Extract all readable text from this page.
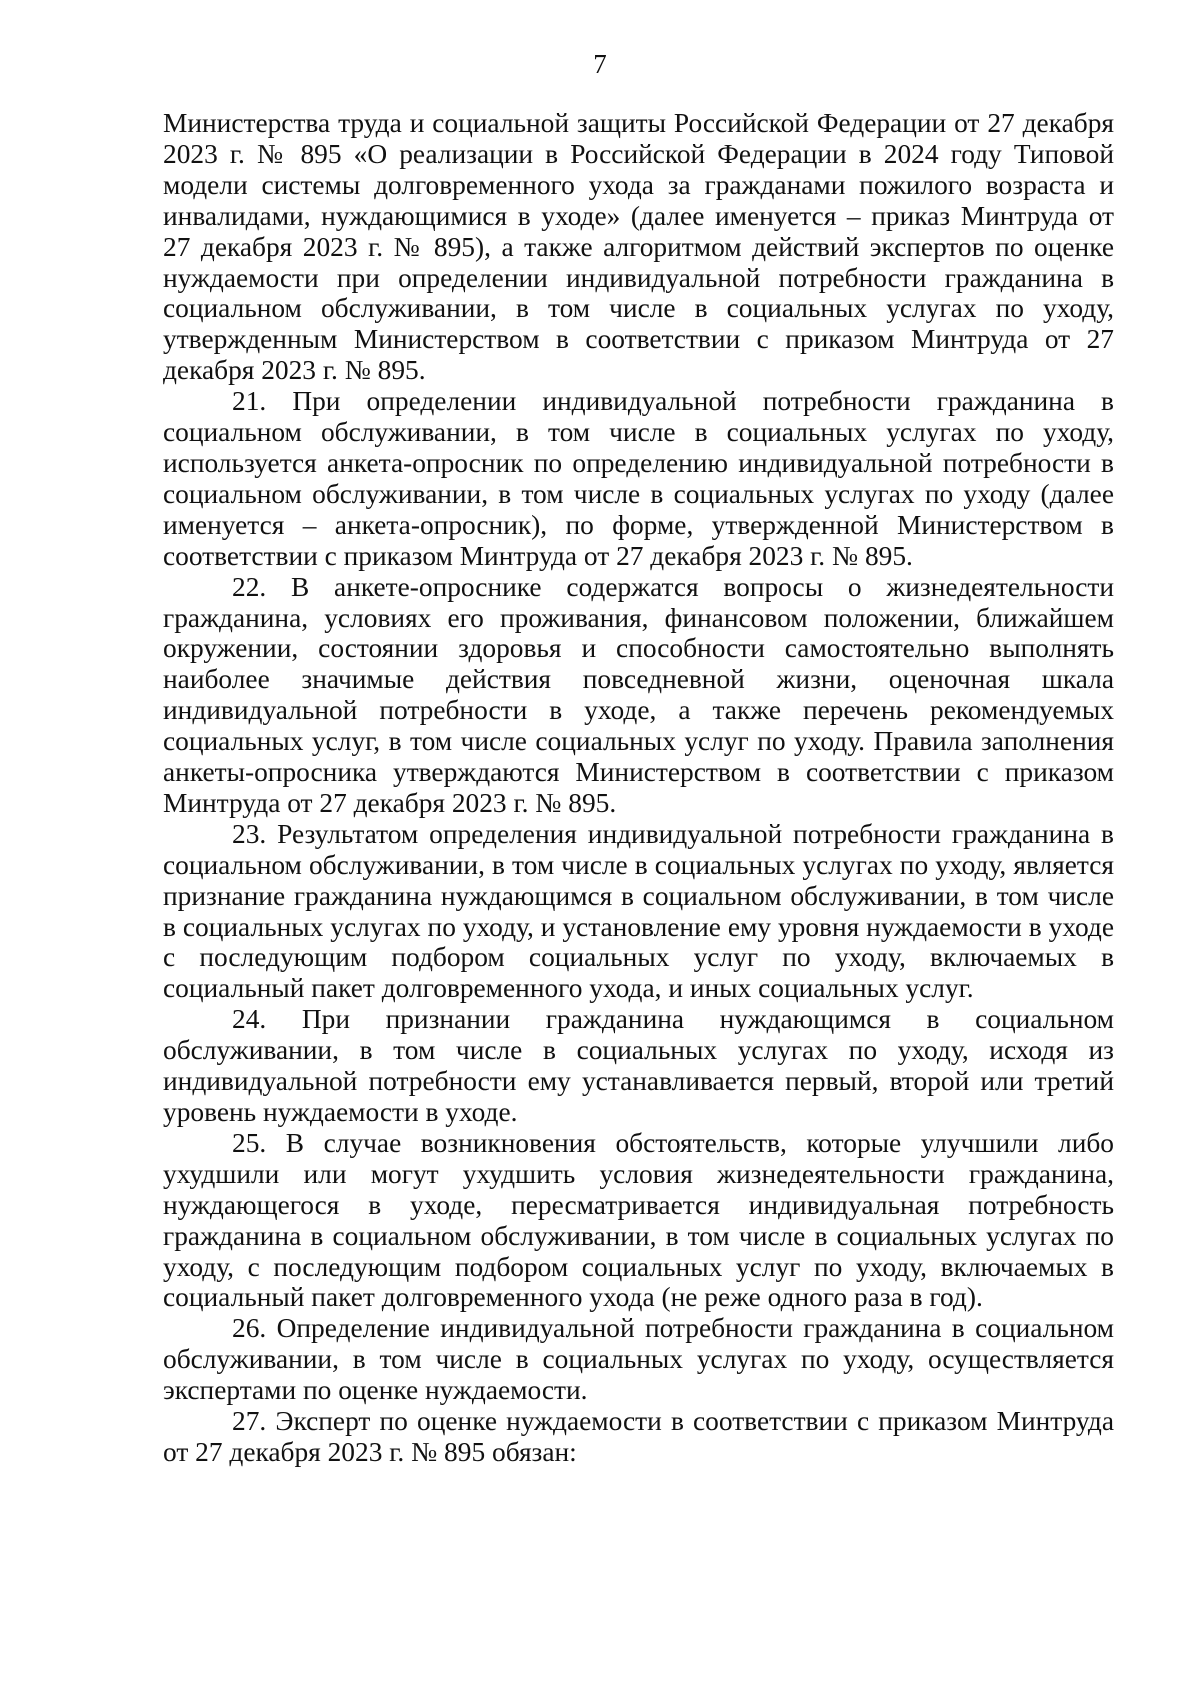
7

Министерства труда и социальной защиты Российской Федерации от 27 декабря 2023 г. № 895 «О реализации в Российской Федерации в 2024 году Типовой модели системы долговременного ухода за гражданами пожилого возраста и инвалидами, нуждающимися в уходе» (далее именуется – приказ Минтруда от 27 декабря 2023 г. № 895), а также алгоритмом действий экспертов по оценке нуждаемости при определении индивидуальной потребности гражданина в социальном обслуживании, в том числе в социальных услугах по уходу, утвержденным Министерством в соответствии с приказом Минтруда от 27 декабря 2023 г. № 895.

21. При определении индивидуальной потребности гражданина в социальном обслуживании, в том числе в социальных услугах по уходу, используется анкета-опросник по определению индивидуальной потребности в социальном обслуживании, в том числе в социальных услугах по уходу (далее именуется – анкета-опросник), по форме, утвержденной Министерством в соответствии с приказом Минтруда от 27 декабря 2023 г. № 895.

22. В анкете-опроснике содержатся вопросы о жизнедеятельности гражданина, условиях его проживания, финансовом положении, ближайшем окружении, состоянии здоровья и способности самостоятельно выполнять наиболее значимые действия повседневной жизни, оценочная шкала индивидуальной потребности в уходе, а также перечень рекомендуемых социальных услуг, в том числе социальных услуг по уходу. Правила заполнения анкеты-опросника утверждаются Министерством в соответствии с приказом Минтруда от 27 декабря 2023 г. № 895.

23. Результатом определения индивидуальной потребности гражданина в социальном обслуживании, в том числе в социальных услугах по уходу, является признание гражданина нуждающимся в социальном обслуживании, в том числе в социальных услугах по уходу, и установление ему уровня нуждаемости в уходе с последующим подбором социальных услуг по уходу, включаемых в социальный пакет долговременного ухода, и иных социальных услуг.

24. При признании гражданина нуждающимся в социальном обслуживании, в том числе в социальных услугах по уходу, исходя из индивидуальной потребности ему устанавливается первый, второй или третий уровень нуждаемости в уходе.

25. В случае возникновения обстоятельств, которые улучшили либо ухудшили или могут ухудшить условия жизнедеятельности гражданина, нуждающегося в уходе, пересматривается индивидуальная потребность гражданина в социальном обслуживании, в том числе в социальных услугах по уходу, с последующим подбором социальных услуг по уходу, включаемых в социальный пакет долговременного ухода (не реже одного раза в год).

26. Определение индивидуальной потребности гражданина в социальном обслуживании, в том числе в социальных услугах по уходу, осуществляется экспертами по оценке нуждаемости.

27. Эксперт по оценке нуждаемости в соответствии с приказом Минтруда от 27 декабря 2023 г. № 895 обязан:
